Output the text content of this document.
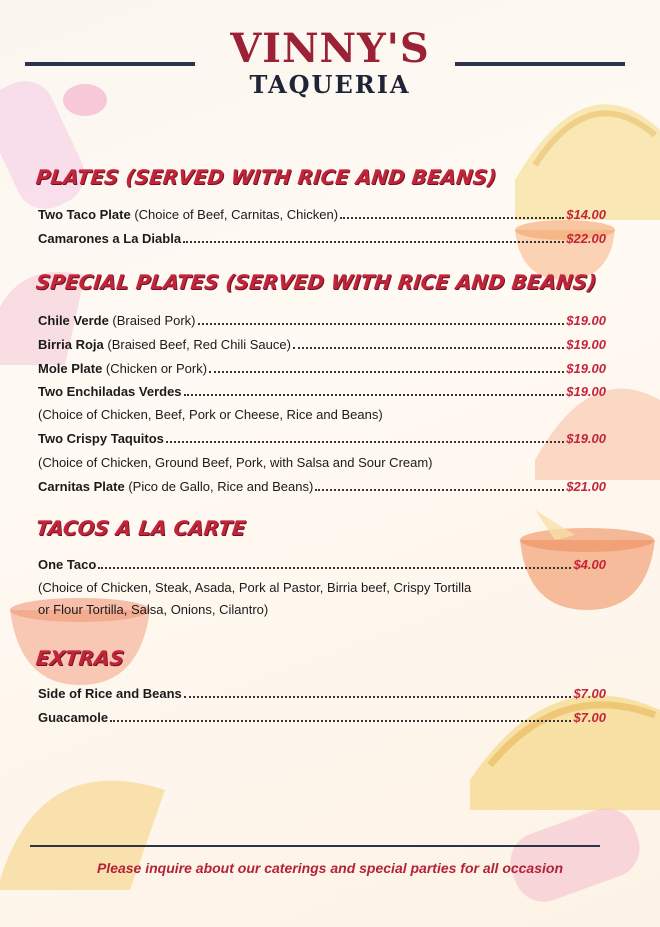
VINNY'S
TAQUERIA
PLATES (SERVED WITH RICE AND BEANS)
Two Taco Plate (Choice of Beef, Carnitas, Chicken)	$14.00
Camarones a La Diabla	$22.00
SPECIAL PLATES (SERVED WITH RICE AND BEANS)
Chile Verde (Braised Pork)	$19.00
Birria Roja (Braised Beef, Red Chili Sauce)	$19.00
Mole Plate (Chicken or Pork)	$19.00
Two Enchiladas Verdes	$19.00
(Choice of Chicken, Beef, Pork or Cheese, Rice and Beans)
Two Crispy Taquitos	$19.00
(Choice of Chicken, Ground Beef, Pork, with Salsa and Sour Cream)
Carnitas Plate (Pico de Gallo, Rice and Beans)	$21.00
TACOS A LA CARTE
One Taco	$4.00
(Choice of Chicken, Steak, Asada, Pork al Pastor, Birria beef, Crispy Tortilla
or Flour Tortilla, Salsa, Onions, Cilantro)
EXTRAS
Side of Rice and Beans	$7.00
Guacamole	$7.00
Please inquire about our caterings and special parties for all occasion
